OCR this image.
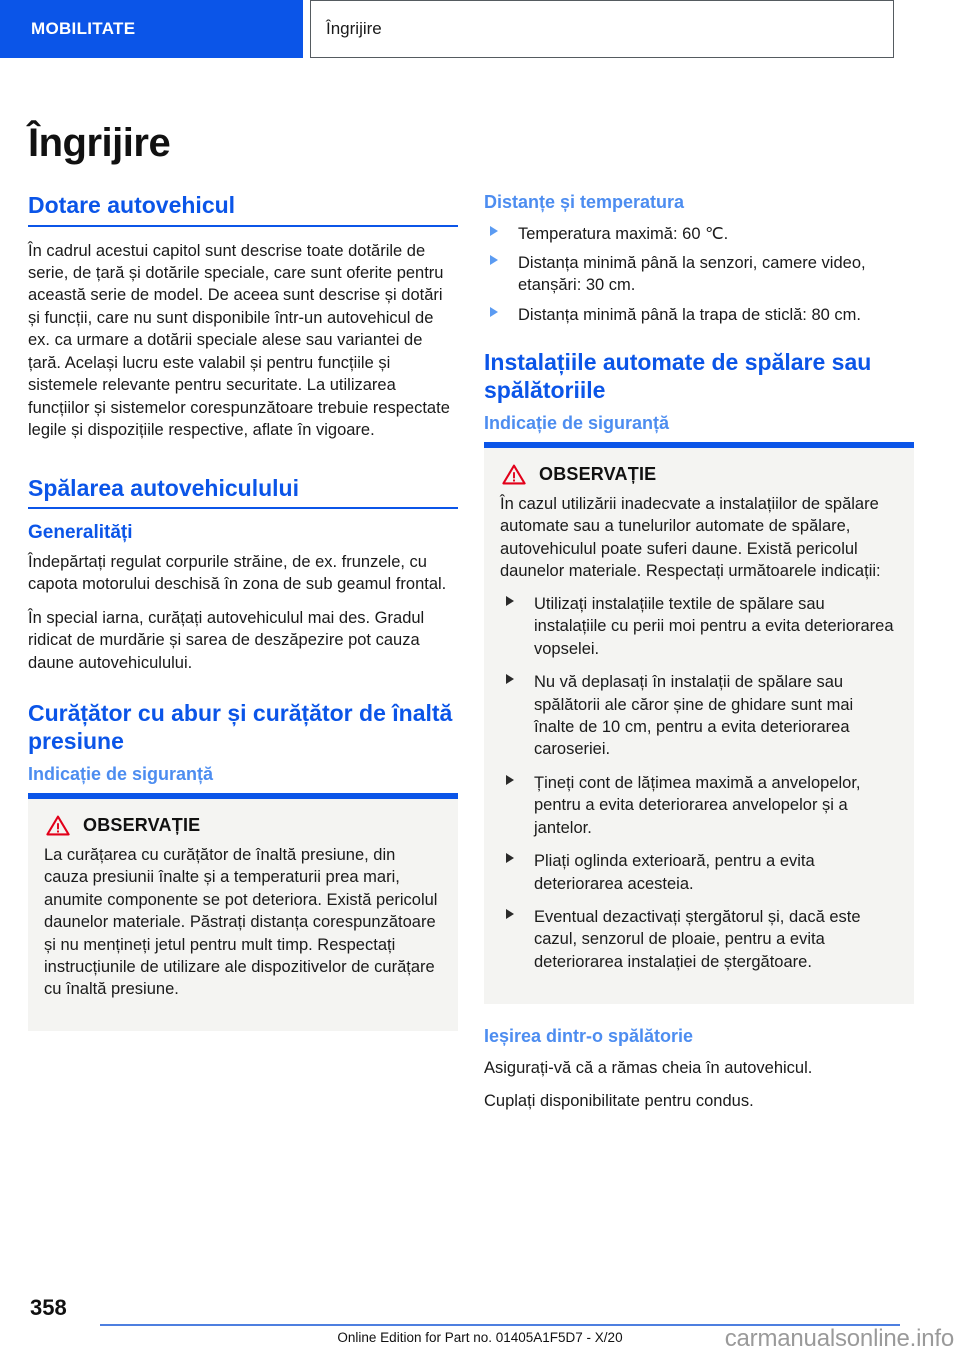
MOBILITATE	Îngrijire
Îngrijire
Dotare autovehicul

În cadrul acestui capitol sunt descrise toate dotările de serie, de țară și dotările speciale, care sunt oferite pentru această serie de model. De aceea sunt descrise și dotări și funcții, care nu sunt disponibile într-un autovehicul de ex. ca urmare a dotării speciale alese sau variantei de țară. Același lucru este valabil și pentru funcțiile și sistemele relevante pentru securitate. La utilizarea funcțiilor și sistemelor corespunzătoare trebuie respectate legile și dispozițiile respective, aflate în vigoare.

Spălarea autovehiculului
Generalități

Îndepărtați regulat corpurile străine, de ex. frunzele, cu capota motorului deschisă în zona de sub geamul frontal.

În special iarna, curățați autovehiculul mai des. Gradul ridicat de murdărie și sarea de deszăpezire pot cauza daune autovehiculului.

Curățător cu abur și curățător de înaltă presiune
Indicație de siguranță
OBSERVAȚIE

La curățarea cu curățător de înaltă presiune, din cauza presiunii înalte și a temperaturii prea mari, anumite componente se pot deteriora. Există pericolul daunelor materiale. Păstrați distanța corespunzătoare și nu mențineți jetul pentru mult timp. Respectați instrucțiunile de utilizare ale dispozitivelor de curățare cu înaltă presiune.

Distanțe și temperatura
Temperatura maximă: 60 ℃.
Distanța minimă până la senzori, camere video, etanșări: 30 cm.
Distanța minimă până la trapa de sticlă: 80 cm.
Instalațiile automate de spălare sau spălătoriile
Indicație de siguranță
OBSERVAȚIE

În cazul utilizării inadecvate a instalațiilor de spălare automate sau a tunelurilor automate de spălare, autovehiculul poate suferi daune. Există pericolul daunelor materiale. Respectați următoarele indicații:

Utilizați instalațiile textile de spălare sau instalațiile cu perii moi pentru a evita deteriorarea vopselei.
Nu vă deplasați în instalații de spălare sau spălătorii ale căror șine de ghidare sunt mai înalte de 10 cm, pentru a evita deteriorarea caroseriei.
Țineți cont de lățimea maximă a anvelopelor, pentru a evita deteriorarea anvelopelor și a jantelor.
Pliați oglinda exterioară, pentru a evita deteriorarea acesteia.
Eventual dezactivați ștergătorul și, dacă este cazul, senzorul de ploaie, pentru a evita deteriorarea instalației de ștergătoare.
Ieșirea dintr-o spălătorie

Asigurați-vă că a rămas cheia în autovehicul.

Cuplați disponibilitate pentru condus.

358
Online Edition for Part no. 01405A1F5D7 - X/20	carmanualsonline.info
